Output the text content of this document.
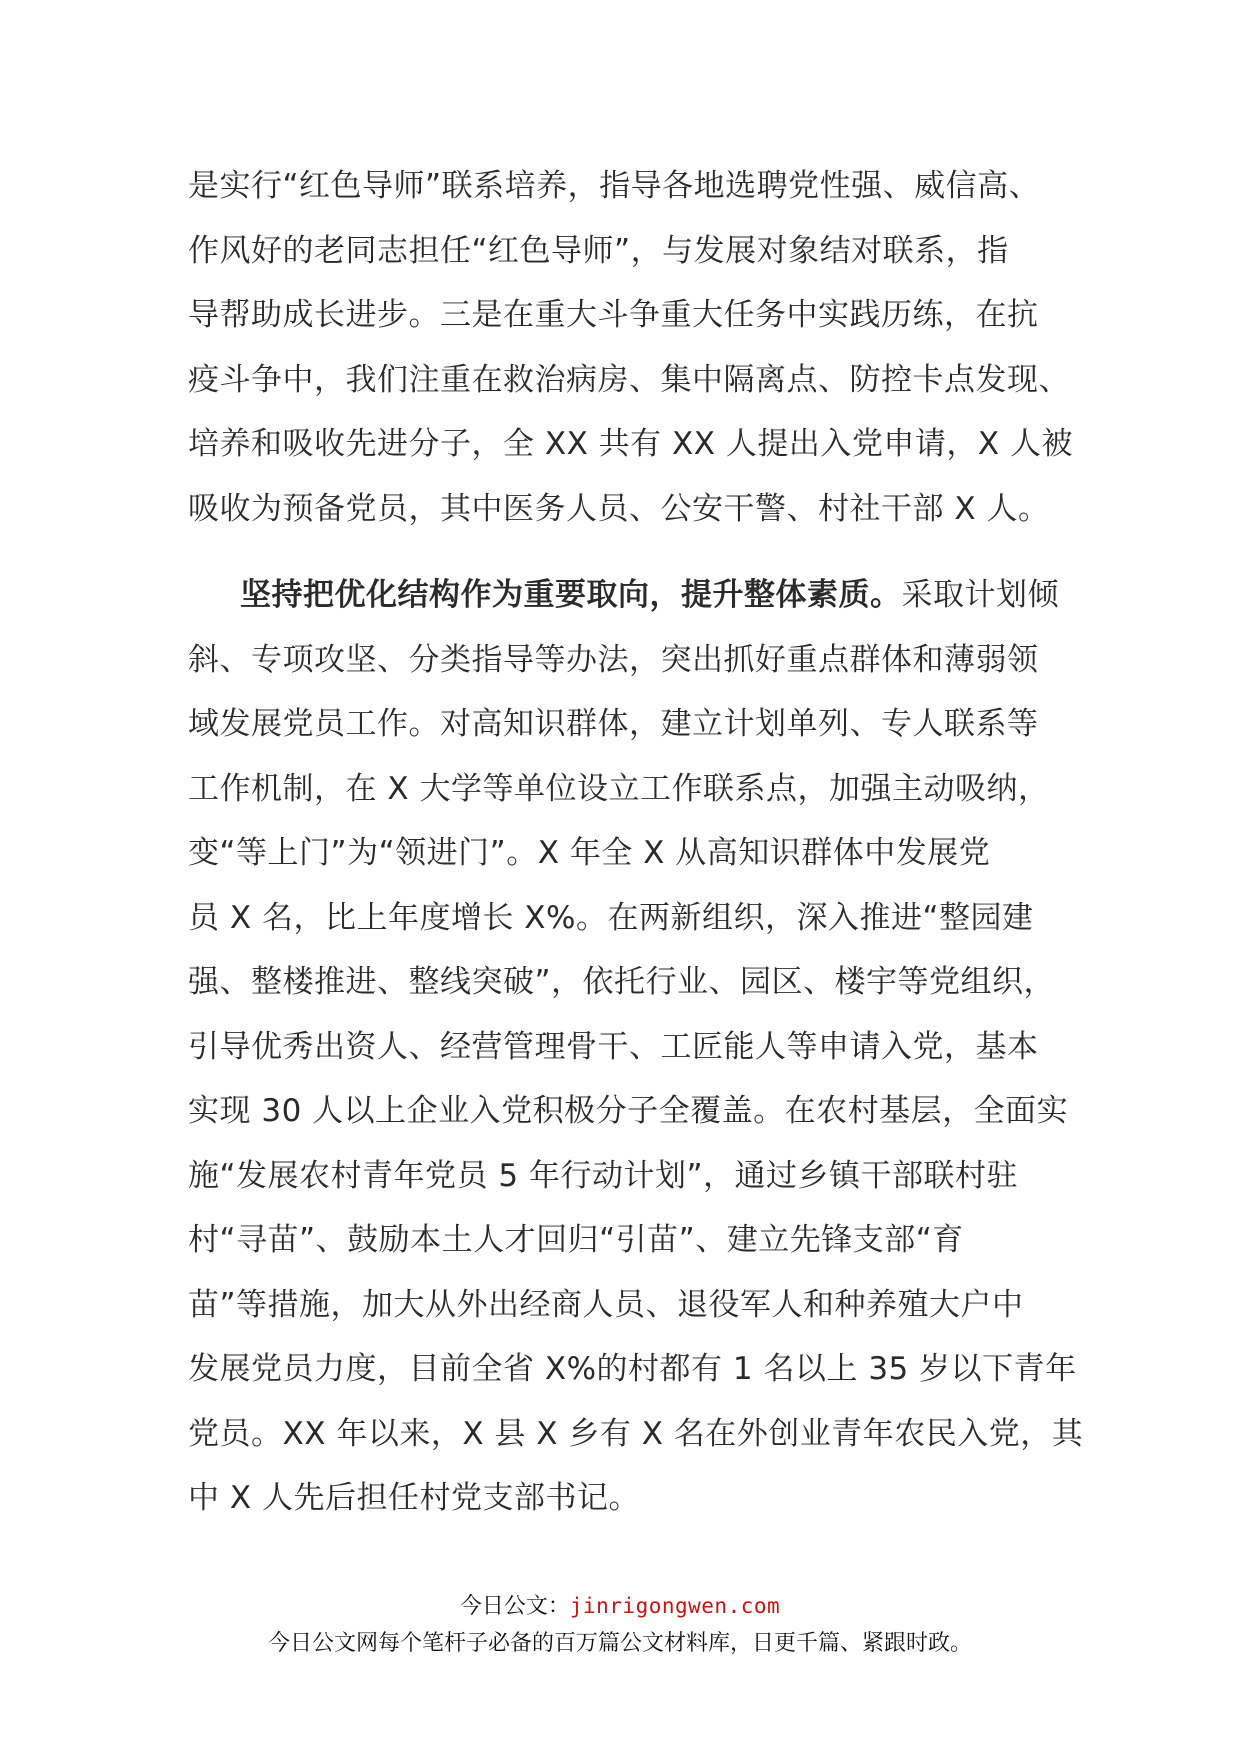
是实行“红色导师”联系培养，指导各地选聘党性强、威信高、
作风好的老同志担任“红色导师”，与发展对象结对联系，指
导帮助成长进步。三是在重大斗争重大任务中实践历练，在抗
疫斗争中，我们注重在救治病房、集中隔离点、防控卡点发现、
培养和吸收先进分子，全 XX 共有 XX 人提出入党申请，X 人被
吸收为预备党员，其中医务人员、公安干警、村社干部 X 人。

坚持把优化结构作为重要取向，提升整体素质。采取计划倾
斜、专项攻坚、分类指导等办法，突出抓好重点群体和薄弱领
域发展党员工作。对高知识群体，建立计划单列、专人联系等
工作机制，在 X 大学等单位设立工作联系点，加强主动吸纳，
变“等上门”为“领进门”。X 年全 X 从高知识群体中发展党
员 X 名，比上年度增长 X%。在两新组织，深入推进“整园建
强、整楼推进、整线突破”，依托行业、园区、楼宇等党组织，
引导优秀出资人、经营管理骨干、工匠能人等申请入党，基本
实现 30 人以上企业入党积极分子全覆盖。在农村基层，全面实
施“发展农村青年党员 5 年行动计划”，通过乡镇干部联村驻
村“寻苗”、鼓励本土人才回归“引苗”、建立先锋支部“育
苗”等措施，加大从外出经商人员、退役军人和种养殖大户中
发展党员力度，目前全省 X%的村都有 1 名以上 35 岁以下青年
党员。XX 年以来，X 县 X 乡有 X 名在外创业青年农民入党，其
中 X 人先后担任村党支部书记。

今日公文：jinrigongwen.com
今日公文网每个笔杆子必备的百万篇公文材料库，日更千篇、紧跟时政。
